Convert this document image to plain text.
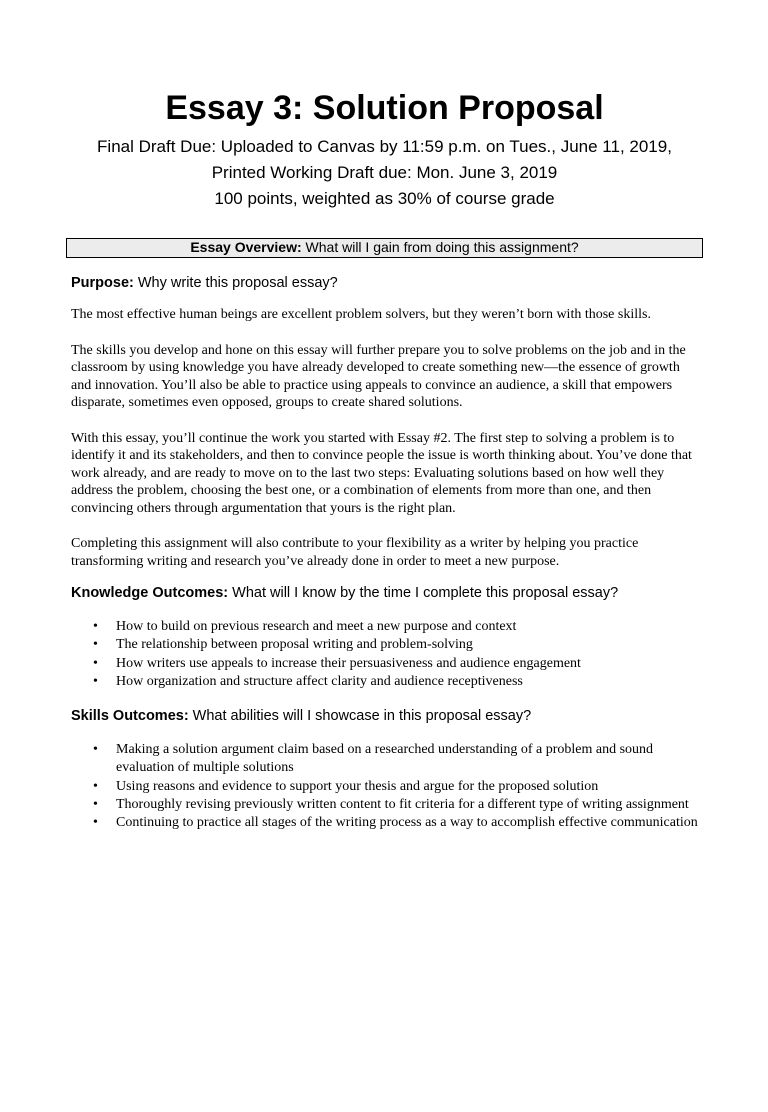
Essay 3: Solution Proposal

Final Draft Due: Uploaded to Canvas by 11:59 p.m. on Tues., June 11, 2019,

Printed Working Draft due: Mon. June 3, 2019

100 points, weighted as 30% of course grade

Essay Overview: What will I gain from doing this assignment?

Purpose: Why write this proposal essay?

The most effective human beings are excellent problem solvers, but they weren’t born with those skills.

The skills you develop and hone on this essay will further prepare you to solve problems on the job and in the classroom by using knowledge you have already developed to create something new—the essence of growth and innovation. You’ll also be able to practice using appeals to convince an audience, a skill that empowers disparate, sometimes even opposed, groups to create shared solutions.

With this essay, you’ll continue the work you started with Essay #2. The first step to solving a problem is to identify it and its stakeholders, and then to convince people the issue is worth thinking about. You’ve done that work already, and are ready to move on to the last two steps: Evaluating solutions based on how well they address the problem, choosing the best one, or a combination of elements from more than one, and then convincing others through argumentation that yours is the right plan.

Completing this assignment will also contribute to your flexibility as a writer by helping you practice transforming writing and research you’ve already done in order to meet a new purpose.

Knowledge Outcomes: What will I know by the time I complete this proposal essay?

• How to build on previous research and meet a new purpose and context
• The relationship between proposal writing and problem-solving
• How writers use appeals to increase their persuasiveness and audience engagement
• How organization and structure affect clarity and audience receptiveness

Skills Outcomes: What abilities will I showcase in this proposal essay?

• Making a solution argument claim based on a researched understanding of a problem and sound evaluation of multiple solutions
• Using reasons and evidence to support your thesis and argue for the proposed solution
• Thoroughly revising previously written content to fit criteria for a different type of writing assignment
• Continuing to practice all stages of the writing process as a way to accomplish effective communication
